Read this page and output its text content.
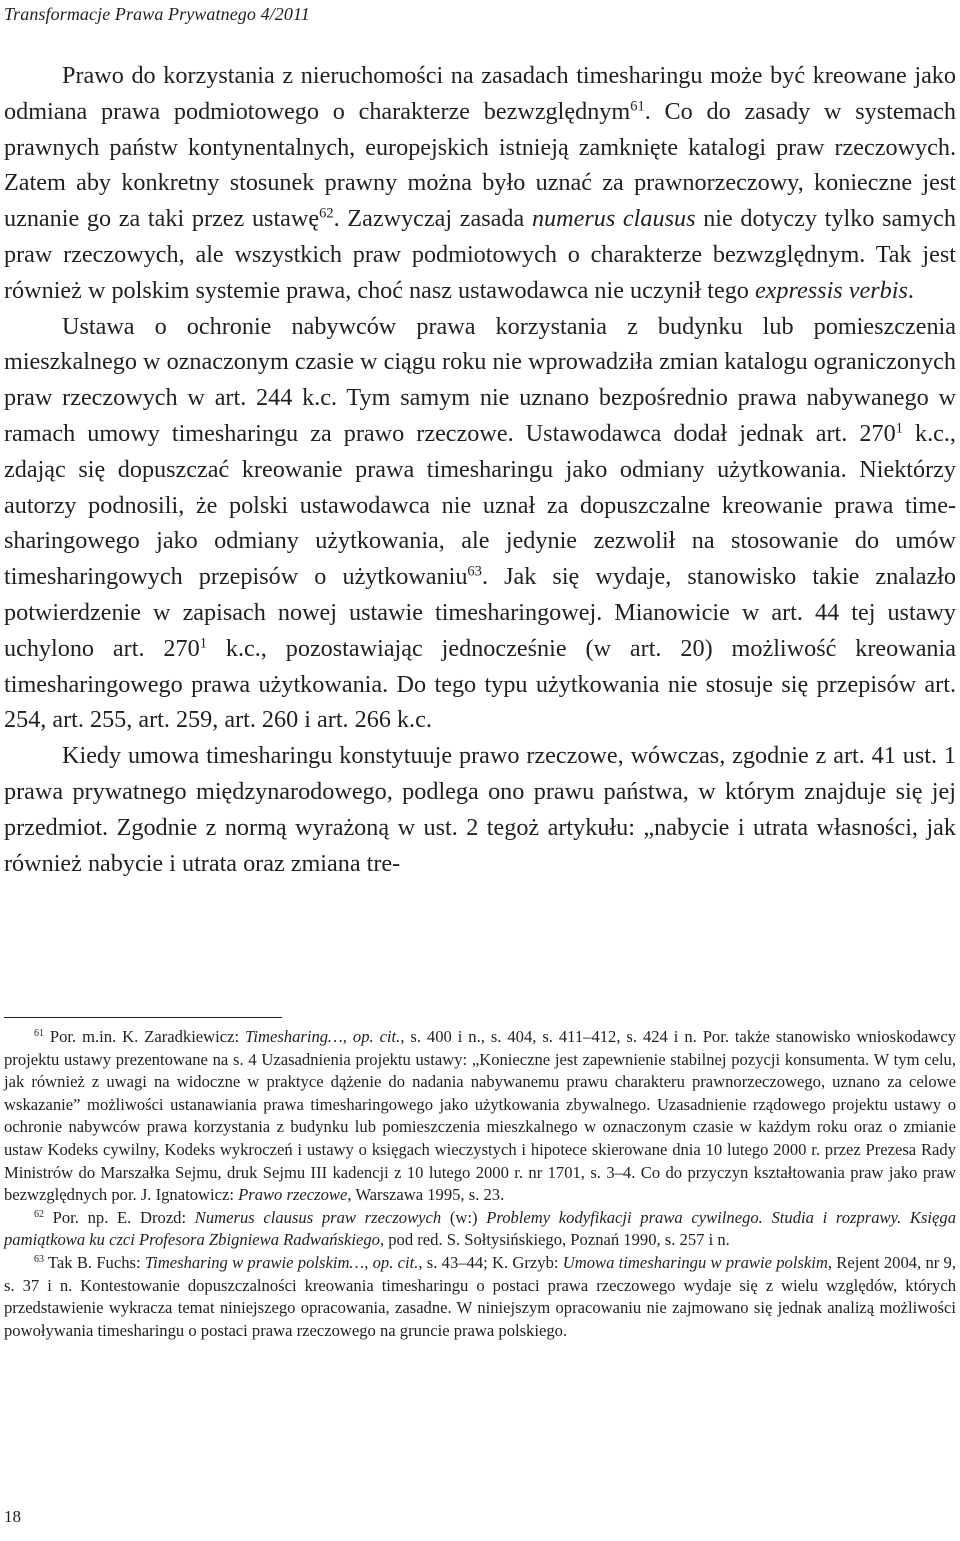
Transformacje Prawa Prywatnego 4/2011

Prawo do korzystania z nieruchomości na zasadach timesharingu może być kreowane jako odmiana prawa podmiotowego o charakterze bezwzględnym$^{61}$. Co do zasady w systemach prawnych państw kontynentalnych, europejskich istnieją zamknięte katalogi praw rzeczowych. Zatem aby konkretny stosunek prawny można było uznać za prawnorzeczowy, konieczne jest uznanie go za taki przez ustawę$^{62}$. Zazwyczaj zasada numerus clausus nie dotyczy tylko samych praw rzeczowych, ale wszystkich praw podmiotowych o charakterze bezwzględnym. Tak jest również w polskim systemie prawa, choć nasz ustawodawca nie uczynił tego expressis verbis.

Ustawa o ochronie nabywców prawa korzystania z budynku lub pomieszczenia mieszkalnego w oznaczonym czasie w ciągu roku nie wprowadziła zmian katalogu ograniczonych praw rzeczowych w art. 244 k.c. Tym samym nie uznano bezpośrednio prawa nabywanego w ramach umowy timesharingu za prawo rzeczowe. Ustawodawca dodał jednak art. $270^1$ k.c., zdając się dopuszczać kreowanie prawa timesharingu jako odmiany użytkowania. Niektórzy autorzy podnosili, że polski ustawodawca nie uznał za dopuszczalne kreowanie prawa timesharingowego jako odmiany użytkowania, ale jedynie zezwolił na stosowanie do umów timesharingowych przepisów o użytkowaniu$^{63}$. Jak się wydaje, stanowisko takie znalazło potwierdzenie w zapisach nowej ustawie timesharingowej. Mianowicie w art. 44 tej ustawy uchylono art. $270^1$ k.c., pozostawiając jednocześnie (w art. 20) możliwość kreowania timesharingowego prawa użytkowania. Do tego typu użytkowania nie stosuje się przepisów art. 254, art. 255, art. 259, art. 260 i art. 266 k.c.

Kiedy umowa timesharingu konstytuuje prawo rzeczowe, wówczas, zgodnie z art. 41 ust. 1 prawa prywatnego międzynarodowego, podlega ono prawu państwa, w którym znajduje się jej przedmiot. Zgodnie z normą wyrażoną w ust. 2 tegoż artykułu: „nabycie i utrata własności, jak również nabycie i utrata oraz zmiana tre-

$^{61}$ Por. m.in. K. Zaradkiewicz: Timesharing…, op. cit., s. 400 i n., s. 404, s. 411–412, s. 424 i n. Por. także stanowisko wnioskodawcy projektu ustawy prezentowane na s. 4 Uzasadnienia projektu ustawy: „Konieczne jest zapewnienie stabilnej pozycji konsumenta. W tym celu, jak również z uwagi na widoczne w praktyce dążenie do nadania nabywanemu prawu charakteru prawnorzeczowego, uznano za celowe wskazanie” możliwości ustanawiania prawa timesharingowego jako użytkowania zbywalnego. Uzasadnienie rządowego projektu ustawy o ochronie nabywców prawa korzystania z budynku lub pomieszczenia mieszkalnego w oznaczonym czasie w każdym roku oraz o zmianie ustaw Kodeks cywilny, Kodeks wykroczeń i ustawy o księgach wieczystych i hipotece skierowane dnia 10 lutego 2000 r. przez Prezesa Rady Ministrów do Marszałka Sejmu, druk Sejmu III kadencji z 10 lutego 2000 r. nr 1701, s. 3–4. Co do przyczyn kształtowania praw jako praw bezwzględnych por. J. Ignatowicz: Prawo rzeczowe, Warszawa 1995, s. 23.

$^{62}$ Por. np. E. Drozd: Numerus clausus praw rzeczowych (w:) Problemy kodyfikacji prawa cywilnego. Studia i rozprawy. Księga pamiątkowa ku czci Profesora Zbigniewa Radwańskiego, pod red. S. Sołtysińskiego, Poznań 1990, s. 257 i n.

$^{63}$ Tak B. Fuchs: Timesharing w prawie polskim…, op. cit., s. 43–44; K. Grzyb: Umowa timesharingu w prawie polskim, Rejent 2004, nr 9, s. 37 i n. Kontestowanie dopuszczalności kreowania timesharingu o postaci prawa rzeczowego wydaje się z wielu względów, których przedstawienie wykracza temat niniejszego opracowania, zasadne. W niniejszym opracowaniu nie zajmowano się jednak analizą możliwości powoływania timesharingu o postaci prawa rzeczowego na gruncie prawa polskiego.

18
